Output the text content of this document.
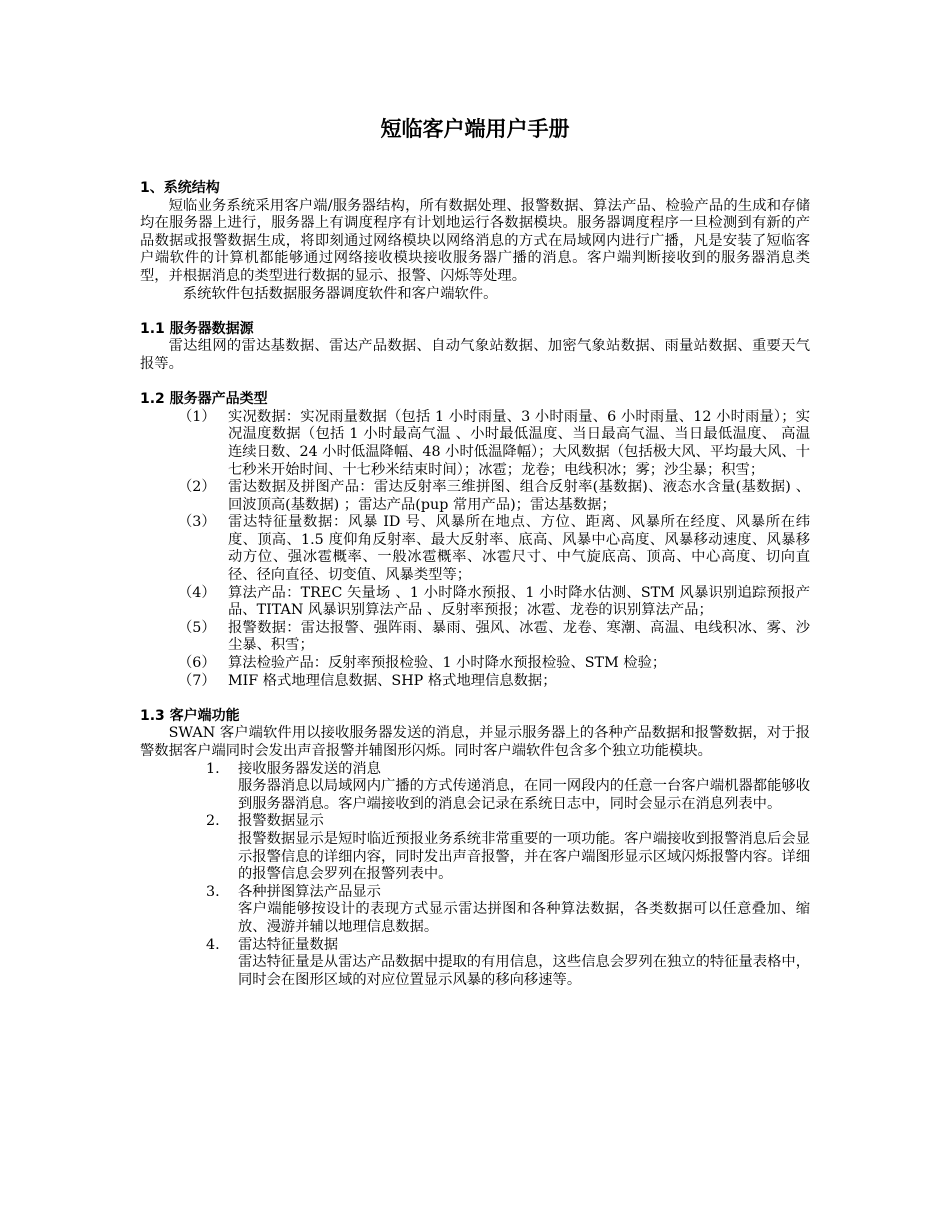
短临客户端用户手册

1、系统结构

短临业务系统采用客户端/服务器结构，所有数据处理、报警数据、算法产品、检验产品的生成和存储均在服务器上进行，服务器上有调度程序有计划地运行各数据模块。服务器调度程序一旦检测到有新的产品数据或报警数据生成，将即刻通过网络模块以网络消息的方式在局域网内进行广播，凡是安装了短临客户端软件的计算机都能够通过网络接收模块接收服务器广播的消息。客户端判断接收到的服务器消息类型，并根据消息的类型进行数据的显示、报警、闪烁等处理。

系统软件包括数据服务器调度软件和客户端软件。

1.1 服务器数据源

雷达组网的雷达基数据、雷达产品数据、自动气象站数据、加密气象站数据、雨量站数据、重要天气报等。

1.2 服务器产品类型

（1） 实况数据：实况雨量数据（包括 1 小时雨量、3 小时雨量、6 小时雨量、12 小时雨量）；实况温度数据（包括 1 小时最高气温 、小时最低温度、当日最高气温、当日最低温度、 高温连续日数、24 小时低温降幅、48 小时低温降幅）；大风数据（包括极大风、平均最大风、十七秒米开始时间、十七秒米结束时间）；冰雹；龙卷；电线积冰；雾；沙尘暴；积雪；
（2） 雷达数据及拼图产品：雷达反射率三维拼图、组合反射率(基数据)、液态水含量(基数据) 、回波顶高(基数据) ；雷达产品(pup 常用产品)；雷达基数据；
（3） 雷达特征量数据：风暴 ID 号、风暴所在地点、方位、距离、风暴所在经度、风暴所在纬度、顶高、1.5 度仰角反射率、最大反射率、底高、风暴中心高度、风暴移动速度、风暴移动方位、强冰雹概率、一般冰雹概率、冰雹尺寸、中气旋底高、顶高、中心高度、切向直径、径向直径、切变值、风暴类型等；
（4） 算法产品：TREC 矢量场 、1 小时降水预报、1 小时降水估测、STM 风暴识别追踪预报产品、TITAN 风暴识别算法产品 、反射率预报；冰雹、龙卷的识别算法产品；
（5） 报警数据：雷达报警、强阵雨、暴雨、强风、冰雹、龙卷、寒潮、高温、电线积冰、雾、沙尘暴、积雪；
（6） 算法检验产品：反射率预报检验、1 小时降水预报检验、STM 检验；
（7） MIF 格式地理信息数据、SHP 格式地理信息数据；

1.3 客户端功能

SWAN 客户端软件用以接收服务器发送的消息，并显示服务器上的各种产品数据和报警数据，对于报警数据客户端同时会发出声音报警并辅图形闪烁。同时客户端软件包含多个独立功能模块。

1.	接收服务器发送的消息
服务器消息以局域网内广播的方式传递消息，在同一网段内的任意一台客户端机器都能够收到服务器消息。客户端接收到的消息会记录在系统日志中，同时会显示在消息列表中。
2.	报警数据显示
报警数据显示是短时临近预报业务系统非常重要的一项功能。客户端接收到报警消息后会显示报警信息的详细内容，同时发出声音报警，并在客户端图形显示区域闪烁报警内容。详细的报警信息会罗列在报警列表中。
3.	各种拼图算法产品显示
客户端能够按设计的表现方式显示雷达拼图和各种算法数据，各类数据可以任意叠加、缩放、漫游并辅以地理信息数据。
4.	雷达特征量数据
雷达特征量是从雷达产品数据中提取的有用信息，这些信息会罗列在独立的特征量表格中，同时会在图形区域的对应位置显示风暴的移向移速等。
